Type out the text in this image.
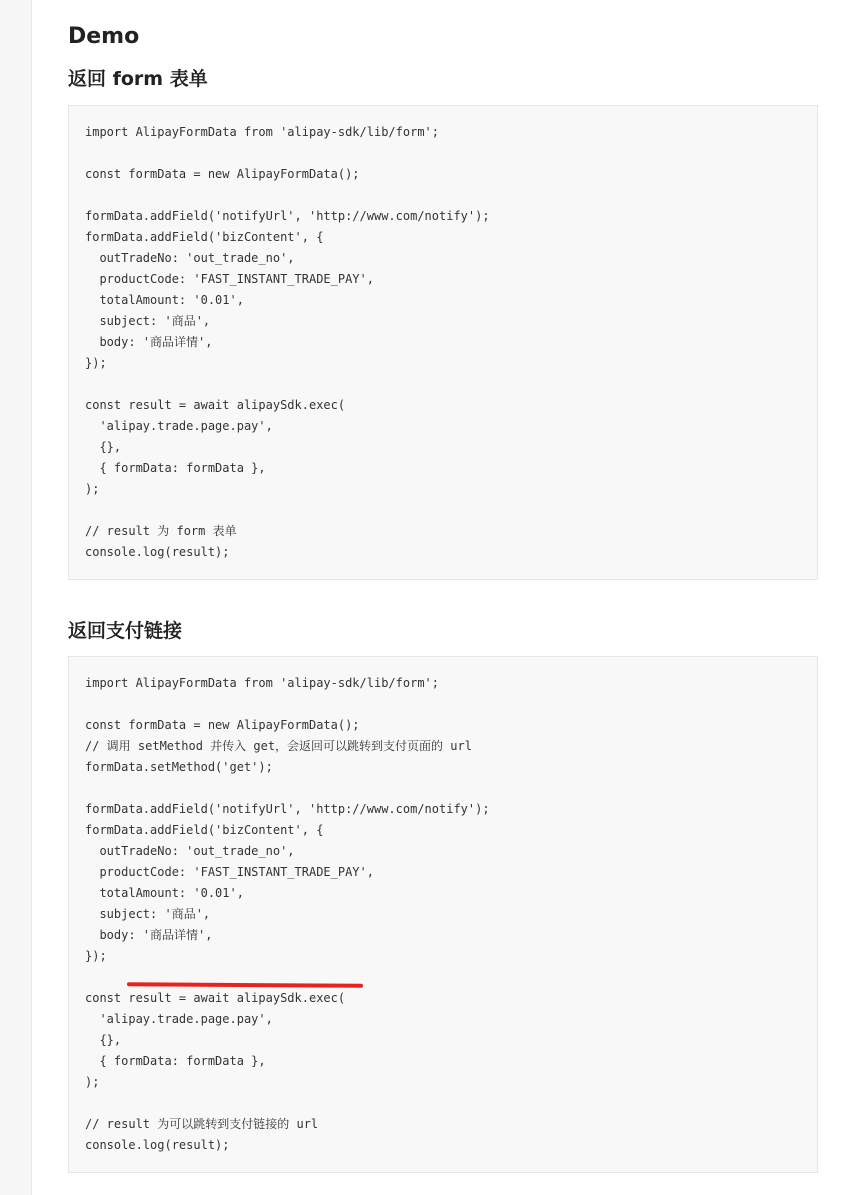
Demo
返回 form 表单
import AlipayFormData from 'alipay-sdk/lib/form';
const formData = new AlipayFormData();
formData.addField('notifyUrl', 'http://www.com/notify');
formData.addField('bizContent', {
outTradeNo: 'out_trade_no',
productCode: 'FAST_INSTANT_TRADE_PAY',
totalAmount: '0.01',
subject: '商品',
body: '商品详情',
});
const result = await alipaySdk.exec(
'alipay.trade.page.pay',
{},
{ formData: formData },
);
// result 为 form 表单
console.log(result);
返回支付链接
import AlipayFormData from 'alipay-sdk/lib/form';
const formData = new AlipayFormData();
// 调用 setMethod 并传入 get，会返回可以跳转到支付页面的 url
formData.setMethod('get');
formData.addField('notifyUrl', 'http://www.com/notify');
formData.addField('bizContent', {
outTradeNo: 'out_trade_no',
productCode: 'FAST_INSTANT_TRADE_PAY',
totalAmount: '0.01',
subject: '商品',
body: '商品详情',
});
const result = await alipaySdk.exec(
'alipay.trade.page.pay',
{},
{ formData: formData },
);
// result 为可以跳转到支付链接的 url
console.log(result);
